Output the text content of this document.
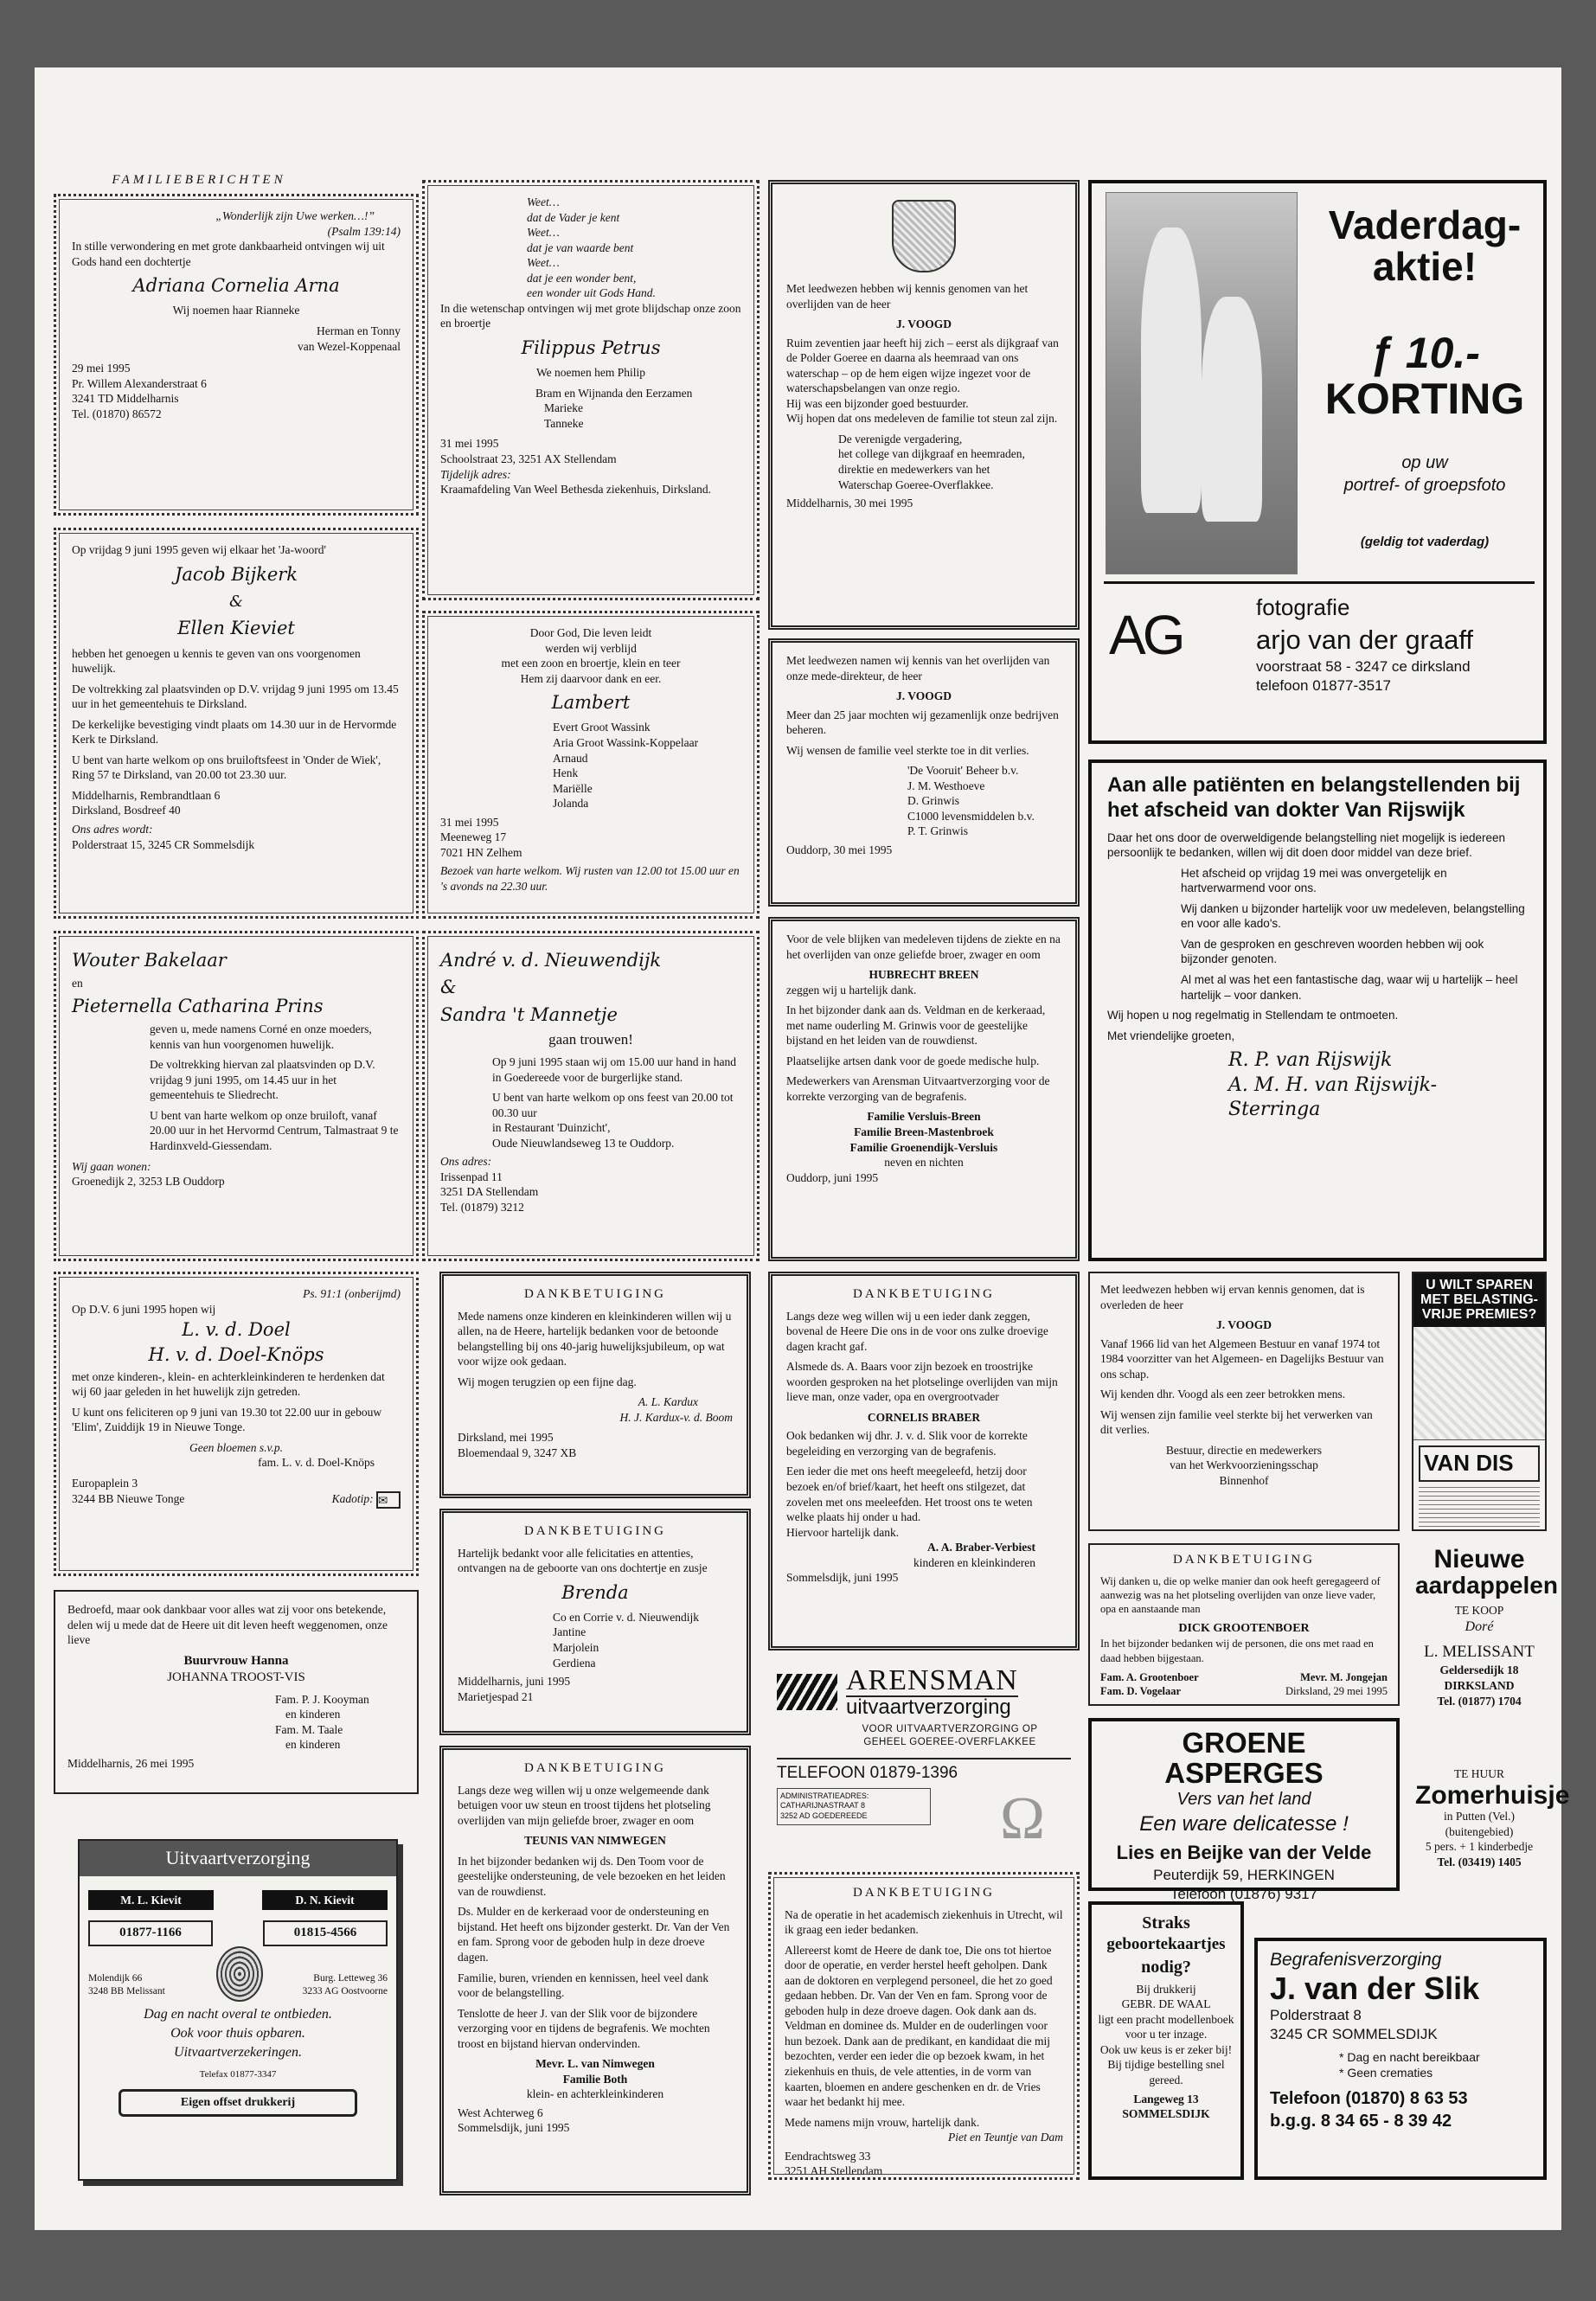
FAMILIEBERICHTEN
„Wonderlijk zijn Uwe werken…!”
(Psalm 139:14)

In stille verwondering en met grote dankbaarheid ontvingen wij uit Gods hand een dochtertje

Adriana Cornelia Arna
Wij noemen haar Rianneke
Herman en Tonny
van Wezel-Koppenaal
29 mei 1995
Pr. Willem Alexanderstraat 6
3241 TD Middelharnis
Tel. (01870) 86572

Op vrijdag 9 juni 1995 geven wij elkaar het 'Ja-woord'

Jacob Bijkerk
&
Ellen Kieviet

hebben het genoegen u kennis te geven van ons voorgenomen huwelijk.

De voltrekking zal plaatsvinden op D.V. vrijdag 9 juni 1995 om 13.45 uur in het gemeentehuis te Dirksland.

De kerkelijke bevestiging vindt plaats om 14.30 uur in de Hervormde Kerk te Dirksland.

U bent van harte welkom op ons bruiloftsfeest in 'Onder de Wiek', Ring 57 te Dirksland, van 20.00 tot 23.30 uur.

Middelharnis, Rembrandtlaan 6
Dirksland, Bosdreef 40
Ons adres wordt:
Polderstraat 15, 3245 CR Sommelsdijk
Wouter Bakelaar
en
Pieternella Catharina Prins

geven u, mede namens Corné en onze moeders, kennis van hun voorgenomen huwelijk.

De voltrekking hiervan zal plaatsvinden op D.V. vrijdag 9 juni 1995, om 14.45 uur in het gemeentehuis te Sliedrecht.

U bent van harte welkom op onze bruiloft, vanaf 20.00 uur in het Hervormd Centrum, Talmastraat 9 te Hardinxveld-Giessendam.

Wij gaan wonen:
Groenedijk 2, 3253 LB Ouddorp
Ps. 91:1 (onberijmd)
Op D.V. 6 juni 1995 hopen wij
L. v. d. Doel
H. v. d. Doel-Knöps

met onze kinderen-, klein- en achterkleinkinderen te herdenken dat wij 60 jaar geleden in het huwelijk zijn getreden.

U kunt ons feliciteren op 9 juni van 19.30 tot 22.00 uur in gebouw 'Elim', Zuiddijk 19 in Nieuwe Tonge.

Geen bloemen s.v.p.
fam. L. v. d. Doel-Knöps
Europaplein 3
3244 BB Nieuwe Tonge	Kadotip: ✉

Bedroefd, maar ook dankbaar voor alles wat zij voor ons betekende, delen wij u mede dat de Heere uit dit leven heeft weggenomen, onze lieve

Buurvrouw Hanna
JOHANNA TROOST-VIS
Fam. P. J. Kooyman
en kinderen
Fam. M. Taale
en kinderen
Middelharnis, 26 mei 1995
Uitvaartverzorging
M. L. Kievit	D. N. Kievit
01877-1166	01815-4566
Molendijk 66
3248 BB Melissant
Burg. Letteweg 36
3233 AG Oostvoorne
Dag en nacht overal te ontbieden.
Ook voor thuis opbaren.
Uitvaartverzekeringen.
Telefax 01877-3347
Eigen offset drukkerij
Weet…
dat de Vader je kent
Weet…
dat je van waarde bent
Weet…
dat je een wonder bent,
een wonder uit Gods Hand.

In die wetenschap ontvingen wij met grote blijdschap onze zoon en broertje

Filippus Petrus
We noemen hem Philip
Bram en Wijnanda den Eerzamen
Marieke
Tanneke
31 mei 1995
Schoolstraat 23, 3251 AX Stellendam
Tijdelijk adres:
Kraamafdeling Van Weel Bethesda ziekenhuis, Dirksland.
Door God, Die leven leidt
werden wij verblijd
met een zoon en broertje, klein en teer
Hem zij daarvoor dank en eer.
Lambert
Evert Groot Wassink
Aria Groot Wassink-Koppelaar
Arnaud
Henk
Mariëlle
Jolanda
31 mei 1995
Meeneweg 17
7021 HN Zelhem
Bezoek van harte welkom. Wij rusten van 12.00 tot 15.00 uur en 's avonds na 22.30 uur.
André v. d. Nieuwendijk
&
Sandra 't Mannetje
gaan trouwen!

Op 9 juni 1995 staan wij om 15.00 uur hand in hand in Goedereede voor de burgerlijke stand.

U bent van harte welkom op ons feest van 20.00 tot 00.30 uur
in Restaurant 'Duinzicht',
Oude Nieuwlandseweg 13 te Ouddorp.
Ons adres:
Irissenpad 11
3251 DA Stellendam
Tel. (01879) 3212
DANKBETUIGING

Mede namens onze kinderen en kleinkinderen willen wij u allen, na de Heere, hartelijk bedanken voor de betoonde belangstelling bij ons 40-jarig huwelijksjubileum, op wat voor wijze ook gedaan.

Wij mogen terugzien op een fijne dag.

A. L. Kardux
H. J. Kardux-v. d. Boom
Dirksland, mei 1995
Bloemendaal 9, 3247 XB
DANKBETUIGING

Hartelijk bedankt voor alle felicitaties en attenties, ontvangen na de geboorte van ons dochtertje en zusje

Brenda
Co en Corrie v. d. Nieuwendijk
Jantine
Marjolein
Gerdiena
Middelharnis, juni 1995
Marietjespad 21
DANKBETUIGING

Langs deze weg willen wij u onze welgemeende dank betuigen voor uw steun en troost tijdens het plotseling overlijden van mijn geliefde broer, zwager en oom

TEUNIS VAN NIMWEGEN

In het bijzonder bedanken wij ds. Den Toom voor de geestelijke ondersteuning, de vele bezoeken en het leiden van de rouwdienst.

Ds. Mulder en de kerkeraad voor de ondersteuning en bijstand. Het heeft ons bijzonder gesterkt. Dr. Van der Ven en fam. Sprong voor de geboden hulp in deze droeve dagen.

Familie, buren, vrienden en kennissen, heel veel dank voor de belangstelling.

Tenslotte de heer J. van der Slik voor de bijzondere verzorging voor en tijdens de begrafenis. We mochten troost en bijstand hiervan ondervinden.

Mevr. L. van Nimwegen
Familie Both
klein- en achterkleinkinderen
West Achterweg 6
Sommelsdijk, juni 1995

Met leedwezen hebben wij kennis genomen van het overlijden van de heer

J. VOOGD

Ruim zeventien jaar heeft hij zich – eerst als dijkgraaf van de Polder Goeree en daarna als heemraad van ons waterschap – op de hem eigen wijze ingezet voor de waterschapsbelangen van onze regio.

Hij was een bijzonder goed bestuurder.

Wij hopen dat ons medeleven de familie tot steun zal zijn.

De verenigde vergadering,
het college van dijkgraaf en heemraden,
direktie en medewerkers van het
Waterschap Goeree-Overflakkee.
Middelharnis, 30 mei 1995

Met leedwezen namen wij kennis van het overlijden van onze mede-direkteur, de heer

J. VOOGD

Meer dan 25 jaar mochten wij gezamenlijk onze bedrijven beheren.

Wij wensen de familie veel sterkte toe in dit verlies.

'De Vooruit' Beheer b.v.
J. M. Westhoeve
D. Grinwis
C1000 levensmiddelen b.v.
P. T. Grinwis
Ouddorp, 30 mei 1995

Voor de vele blijken van medeleven tijdens de ziekte en na het overlijden van onze geliefde broer, zwager en oom

HUBRECHT BREEN

zeggen wij u hartelijk dank.

In het bijzonder dank aan ds. Veldman en de kerkeraad, met name ouderling M. Grinwis voor de geestelijke bijstand en het leiden van de rouwdienst.

Plaatselijke artsen dank voor de goede medische hulp.

Medewerkers van Arensman Uitvaartverzorging voor de korrekte verzorging van de begrafenis.

Familie Versluis-Breen
Familie Breen-Mastenbroek
Familie Groenendijk-Versluis
neven en nichten
Ouddorp, juni 1995
DANKBETUIGING

Langs deze weg willen wij u een ieder dank zeggen, bovenal de Heere Die ons in de voor ons zulke droevige dagen kracht gaf.

Alsmede ds. A. Baars voor zijn bezoek en troostrijke woorden gesproken na het plotselinge overlijden van mijn lieve man, onze vader, opa en overgrootvader

CORNELIS BRABER

Ook bedanken wij dhr. J. v. d. Slik voor de korrekte begeleiding en verzorging van de begrafenis.

Een ieder die met ons heeft meegeleefd, hetzij door bezoek en/of brief/kaart, het heeft ons stilgezet, dat zovelen met ons meeleefden. Het troost ons te weten welke plaats hij onder u had.

Hiervoor hartelijk dank.
A. A. Braber-Verbiest
kinderen en kleinkinderen
Sommelsdijk, juni 1995
ARENSMAN
uitvaartverzorging
VOOR UITVAARTVERZORGING OP
GEHEEL GOEREE-OVERFLAKKEE
TELEFOON 01879-1396
ADMINISTRATIEADRES:
CATHARIJNASTRAAT 8
3252 AD GOEDEREEDE	Ω
DANKBETUIGING

Na de operatie in het academisch ziekenhuis in Utrecht, wil ik graag een ieder bedanken.

Allereerst komt de Heere de dank toe, Die ons tot hiertoe door de operatie, en verder herstel heeft geholpen. Dank aan de doktoren en verplegend personeel, die het zo goed gedaan hebben. Dr. Van der Ven en fam. Sprong voor de geboden hulp in deze droeve dagen. Ook dank aan ds. Veldman en dominee ds. Mulder en de ouderlingen voor hun bezoek. Dank aan de predikant, en kandidaat die mij bezochten, verder een ieder die op bezoek kwam, in het ziekenhuis en thuis, de vele attenties, in de vorm van kaarten, bloemen en andere geschenken en dr. de Vries waar het bedankt hij mee.

Mede namens mijn vrouw, hartelijk dank.
Piet en Teuntje van Dam
Eendrachtsweg 33
3251 AH Stellendam
Vaderdag-
aktie!
ƒ 10.-
KORTING
op uw
portref- of groepsfoto
(geldig tot vaderdag)
AG	fotografie
arjo van der graaff
voorstraat 58 - 3247 ce dirksland
telefoon 01877-3517
Aan alle patiënten en belangstellenden bij het afscheid van dokter Van Rijswijk

Daar het ons door de overweldigende belangstelling niet mogelijk is iedereen persoonlijk te bedanken, willen wij dit doen door middel van deze brief.

Het afscheid op vrijdag 19 mei was onvergetelijk en hartverwarmend voor ons.

Wij danken u bijzonder hartelijk voor uw medeleven, belangstelling en voor alle kado's.

Van de gesproken en geschreven woorden hebben wij ook bijzonder genoten.

Al met al was het een fantastische dag, waar wij u hartelijk – heel hartelijk – voor danken.

Wij hopen u nog regelmatig in Stellendam te ontmoeten.

Met vriendelijke groeten,

R. P. van Rijswijk
A. M. H. van Rijswijk-Sterringa

Met leedwezen hebben wij ervan kennis genomen, dat is overleden de heer

J. VOOGD

Vanaf 1966 lid van het Algemeen Bestuur en vanaf 1974 tot 1984 voorzitter van het Algemeen- en Dagelijks Bestuur van ons schap.

Wij kenden dhr. Voogd als een zeer betrokken mens.

Wij wensen zijn familie veel sterkte bij het verwerken van dit verlies.

Bestuur, directie en medewerkers
van het Werkvoorzieningsschap
Binnenhof
U WILT SPAREN
MET BELASTING-
VRIJE PREMIES?
VAN DIS
DANKBETUIGING

Wij danken u, die op welke manier dan ook heeft geregageerd of aanwezig was na het plotseling overlijden van onze lieve vader, opa en aanstaande man

DICK GROOTENBOER

In het bijzonder bedanken wij de personen, die ons met raad en daad hebben bijgestaan.

Fam. A. Grootenboer	Mevr. M. Jongejan
Fam. D. Vogelaar	Dirksland, 29 mei 1995
Nieuwe
aardappelen
TE KOOP
Doré
L. MELISSANT
Geldersedijk 18
DIRKSLAND
Tel. (01877) 1704
GROENE ASPERGES
Vers van het land
Een ware delicatesse !
Lies en Beijke van der Velde
Peuterdijk 59, HERKINGEN
Telefoon (01876) 9317
TE HUUR
Zomerhuisje
in Putten (Vel.)
(buitengebied)
5 pers. + 1 kinderbedje
Tel. (03419) 1405
Straks
geboortekaartjes
nodig?
Bij drukkerij
GEBR. DE WAAL
ligt een pracht modellenboek voor u ter inzage.
Ook uw keus is er zeker bij!
Bij tijdige bestelling snel gereed.
Langeweg 13
SOMMELSDIJK
Begrafenisverzorging
J. van der Slik
Polderstraat 8
3245 CR SOMMELSDIJK
* Dag en nacht bereikbaar
* Geen crematies
Telefoon (01870) 8 63 53
b.g.g. 8 34 65 - 8 39 42
